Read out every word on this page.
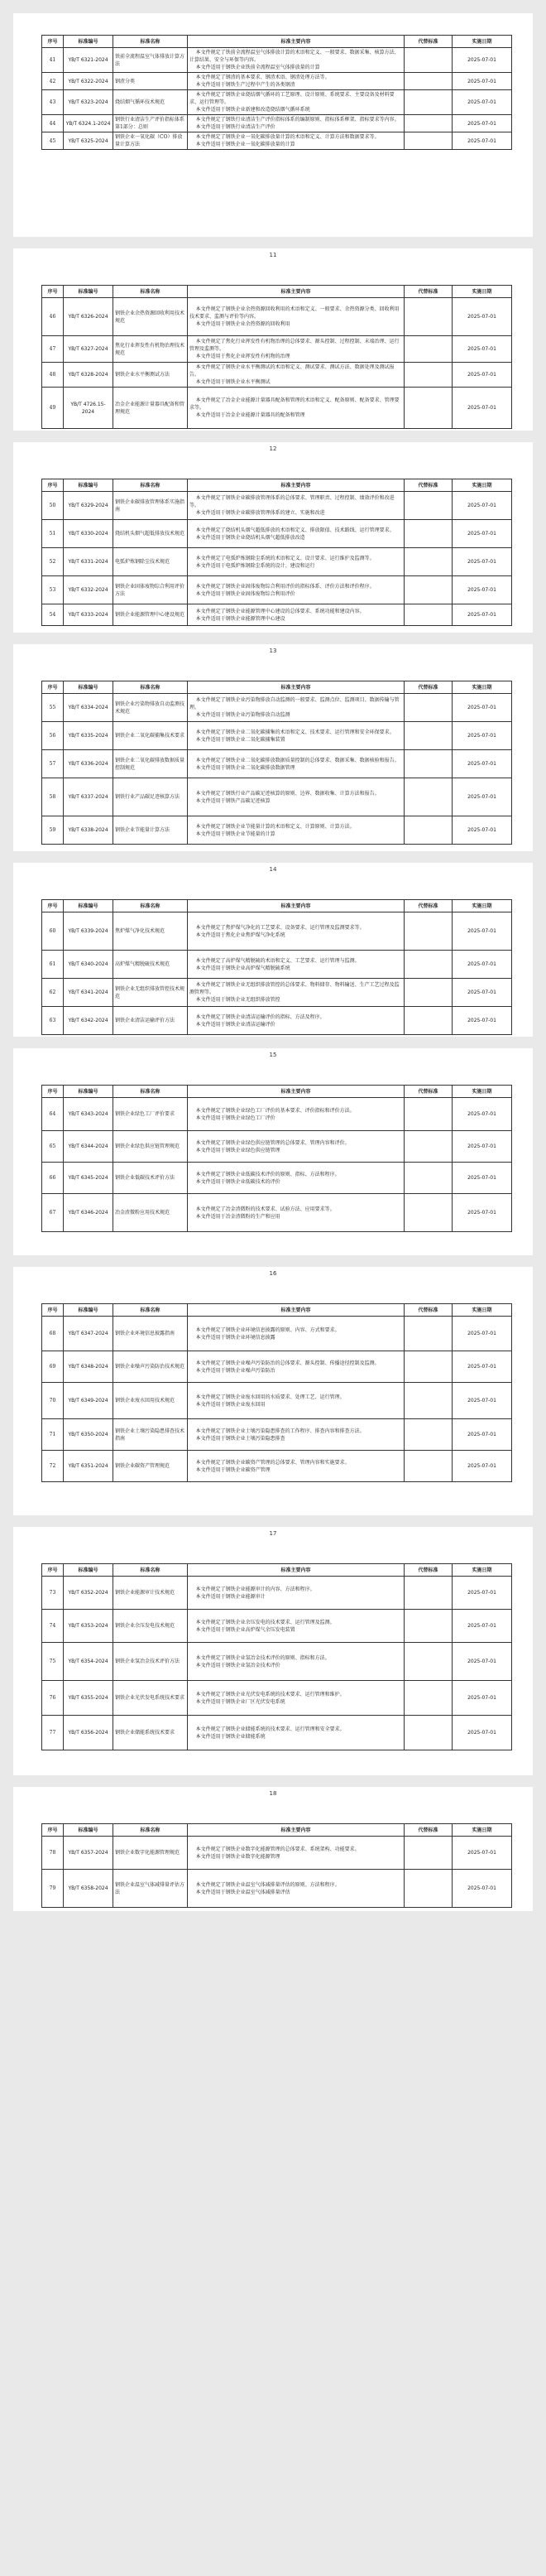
序号	标准编号	标准名称	标准主要内容	代替标准	实施日期
41	YB/T 6321-2024	铁前全流程温室气体排放计算方法	本文件规定了铁前全流程温室气体排放计算的术语和定义、一般要求、数据采集、核算方法、计算结果、安全与环保等内容。
本文件适用于钢铁企业铁前全流程温室气体排放量的计算		2025-07-01
42	YB/T 6322-2024	钢渣分类	本文件规定了钢渣的基本要求、钢渣术语、钢渣处理方法等。
本文件适用于钢铁生产过程中产生的各类钢渣		2025-07-01
43	YB/T 6323-2024	烧结烟气循环技术规范	本文件规定了钢铁企业烧结烟气循环的工艺原理、设计原则、系统要求、主要设备及材料要求、运行管理等。
本文件适用于钢铁企业新建和改造烧结烟气循环系统		2025-07-01
44	YB/T 6324.1-2024	钢铁行业清洁生产评价指标体系 第1部分：总则	本文件规定了钢铁行业清洁生产评价指标体系的编制原则、指标体系框架、指标要求等内容。
本文件适用于钢铁行业清洁生产评价		2025-07-01
45	YB/T 6325-2024	钢铁企业一氧化碳（CO）排放量计算方法	本文件规定了钢铁企业一氧化碳排放量计算的术语和定义、计算方法和数据要求等。
本文件适用于钢铁企业一氧化碳排放量的计算		2025-07-01
11
序号	标准编号	标准名称	标准主要内容	代替标准	实施日期
46	YB/T 6326-2024	钢铁企业余热资源回收利用技术规范	本文件规定了钢铁企业余热资源回收利用的术语和定义、一般要求、余热资源分类、回收利用技术要求、监测与评价等内容。
本文件适用于钢铁企业余热资源的回收利用		2025-07-01
47	YB/T 6327-2024	焦化行业挥发性有机物治理技术规范	本文件规定了焦化行业挥发性有机物治理的总体要求、源头控制、过程控制、末端治理、运行管理及监测等。
本文件适用于焦化企业挥发性有机物的治理		2025-07-01
48	YB/T 6328-2024	钢铁企业水平衡测试方法	本文件规定了钢铁企业水平衡测试的术语和定义、测试要求、测试方法、数据处理及测试报告。
本文件适用于钢铁企业水平衡测试		2025-07-01
49	YB/T 4726.15-2024	冶金企业能源计量器具配备和管理规范	本文件规定了冶金企业能源计量器具配备和管理的术语和定义、配备原则、配备要求、管理要求等。
本文件适用于冶金企业能源计量器具的配备和管理		2025-07-01
12
序号	标准编号	标准名称	标准主要内容	代替标准	实施日期
50	YB/T 6329-2024	钢铁企业碳排放管理体系实施指南	本文件规定了钢铁企业碳排放管理体系的总体要求、管理职责、过程控制、绩效评价和改进等。
本文件适用于钢铁企业碳排放管理体系的建立、实施和改进		2025-07-01
51	YB/T 6330-2024	烧结机头烟气超低排放技术规范	本文件规定了烧结机头烟气超低排放的术语和定义、排放限值、技术路线、运行管理要求。
本文件适用于钢铁企业烧结机头烟气超低排放改造		2025-07-01
52	YB/T 6331-2024	电弧炉炼钢除尘技术规范	本文件规定了电弧炉炼钢除尘系统的术语和定义、设计要求、运行维护及监测等。
本文件适用于电弧炉炼钢除尘系统的设计、建设和运行		2025-07-01
53	YB/T 6332-2024	钢铁企业固体废物综合利用评价方法	本文件规定了钢铁企业固体废物综合利用评价的指标体系、评价方法和评价程序。
本文件适用于钢铁企业固体废物综合利用评价		2025-07-01
54	YB/T 6333-2024	钢铁企业能源管理中心建设规范	本文件规定了钢铁企业能源管理中心建设的总体要求、系统功能和建设内容。
本文件适用于钢铁企业能源管理中心建设		2025-07-01
13
序号	标准编号	标准名称	标准主要内容	代替标准	实施日期
55	YB/T 6334-2024	钢铁企业污染物排放自动监测技术规范	本文件规定了钢铁企业污染物排放自动监测的一般要求、监测点位、监测项目、数据传输与管理。
本文件适用于钢铁企业污染物排放自动监测		2025-07-01
56	YB/T 6335-2024	钢铁企业二氧化碳捕集技术要求	本文件规定了钢铁企业二氧化碳捕集的术语和定义、技术要求、运行管理和安全环保要求。
本文件适用于钢铁企业二氧化碳捕集装置		2025-07-01
57	YB/T 6336-2024	钢铁企业二氧化碳排放数据质量控制规范	本文件规定了钢铁企业二氧化碳排放数据质量控制的总体要求、数据采集、数据核验和报告。
本文件适用于钢铁企业二氧化碳排放数据管理		2025-07-01
58	YB/T 6337-2024	钢铁行业产品碳足迹核算方法	本文件规定了钢铁行业产品碳足迹核算的原则、边界、数据收集、计算方法和报告。
本文件适用于钢铁产品碳足迹核算		2025-07-01
59	YB/T 6338-2024	钢铁企业节能量计算方法	本文件规定了钢铁企业节能量计算的术语和定义、计算原则、计算方法。
本文件适用于钢铁企业节能量的计算		2025-07-01
14
序号	标准编号	标准名称	标准主要内容	代替标准	实施日期
60	YB/T 6339-2024	焦炉煤气净化技术规范	本文件规定了焦炉煤气净化的工艺要求、设备要求、运行管理及监测要求等。
本文件适用于焦化企业焦炉煤气净化系统		2025-07-01
61	YB/T 6340-2024	高炉煤气精脱硫技术规范	本文件规定了高炉煤气精脱硫的术语和定义、工艺要求、运行管理与监测。
本文件适用于钢铁企业高炉煤气精脱硫系统		2025-07-01
62	YB/T 6341-2024	钢铁企业无组织排放管控技术规范	本文件规定了钢铁企业无组织排放管控的总体要求、物料储存、物料输送、生产工艺过程及监测管理等。
本文件适用于钢铁企业无组织排放管控		2025-07-01
63	YB/T 6342-2024	钢铁企业清洁运输评价方法	本文件规定了钢铁企业清洁运输评价的指标、方法及程序。
本文件适用于钢铁企业清洁运输评价		2025-07-01
15
序号	标准编号	标准名称	标准主要内容	代替标准	实施日期
64	YB/T 6343-2024	钢铁企业绿色工厂评价要求	本文件规定了钢铁企业绿色工厂评价的基本要求、评价指标和评价方法。
本文件适用于钢铁企业绿色工厂评价		2025-07-01
65	YB/T 6344-2024	钢铁企业绿色供应链管理规范	本文件规定了钢铁企业绿色供应链管理的总体要求、管理内容和评价。
本文件适用于钢铁企业绿色供应链管理		2025-07-01
66	YB/T 6345-2024	钢铁企业低碳技术评价方法	本文件规定了钢铁企业低碳技术评价的原则、指标、方法和程序。
本文件适用于钢铁企业低碳技术的评价		2025-07-01
67	YB/T 6346-2024	冶金渣微粉应用技术规范	本文件规定了冶金渣微粉的技术要求、试验方法、应用要求等。
本文件适用于冶金渣微粉的生产和应用		2025-07-01
16
序号	标准编号	标准名称	标准主要内容	代替标准	实施日期
68	YB/T 6347-2024	钢铁企业环境信息披露指南	本文件规定了钢铁企业环境信息披露的原则、内容、方式和要求。
本文件适用于钢铁企业环境信息披露		2025-07-01
69	YB/T 6348-2024	钢铁企业噪声污染防治技术规范	本文件规定了钢铁企业噪声污染防治的总体要求、源头控制、传播途径控制及监测。
本文件适用于钢铁企业噪声污染防治		2025-07-01
70	YB/T 6349-2024	钢铁企业废水回用技术规范	本文件规定了钢铁企业废水回用的水质要求、处理工艺、运行管理。
本文件适用于钢铁企业废水回用		2025-07-01
71	YB/T 6350-2024	钢铁企业土壤污染隐患排查技术指南	本文件规定了钢铁企业土壤污染隐患排查的工作程序、排查内容和排查方法。
本文件适用于钢铁企业土壤污染隐患排查		2025-07-01
72	YB/T 6351-2024	钢铁企业碳资产管理规范	本文件规定了钢铁企业碳资产管理的总体要求、管理内容和实施要求。
本文件适用于钢铁企业碳资产管理		2025-07-01
17
序号	标准编号	标准名称	标准主要内容	代替标准	实施日期
73	YB/T 6352-2024	钢铁企业能源审计技术规范	本文件规定了钢铁企业能源审计的内容、方法和程序。
本文件适用于钢铁企业能源审计		2025-07-01
74	YB/T 6353-2024	钢铁企业余压发电技术规范	本文件规定了钢铁企业余压发电的技术要求、运行管理及监测。
本文件适用于钢铁企业高炉煤气余压发电装置		2025-07-01
75	YB/T 6354-2024	钢铁企业氢冶金技术评价方法	本文件规定了钢铁企业氢冶金技术评价的原则、指标和方法。
本文件适用于钢铁企业氢冶金技术评价		2025-07-01
76	YB/T 6355-2024	钢铁企业光伏发电系统技术要求	本文件规定了钢铁企业光伏发电系统的技术要求、运行管理和维护。
本文件适用于钢铁企业厂区光伏发电系统		2025-07-01
77	YB/T 6356-2024	钢铁企业储能系统技术要求	本文件规定了钢铁企业储能系统的技术要求、运行管理和安全要求。
本文件适用于钢铁企业储能系统		2025-07-01
18
序号	标准编号	标准名称	标准主要内容	代替标准	实施日期
78	YB/T 6357-2024	钢铁企业数字化能源管理规范	本文件规定了钢铁企业数字化能源管理的总体要求、系统架构、功能要求。
本文件适用于钢铁企业数字化能源管理		2025-07-01
79	YB/T 6358-2024	钢铁企业温室气体减排量评估方法	本文件规定了钢铁企业温室气体减排量评估的原则、方法和程序。
本文件适用于钢铁企业温室气体减排量评估		2025-07-01
